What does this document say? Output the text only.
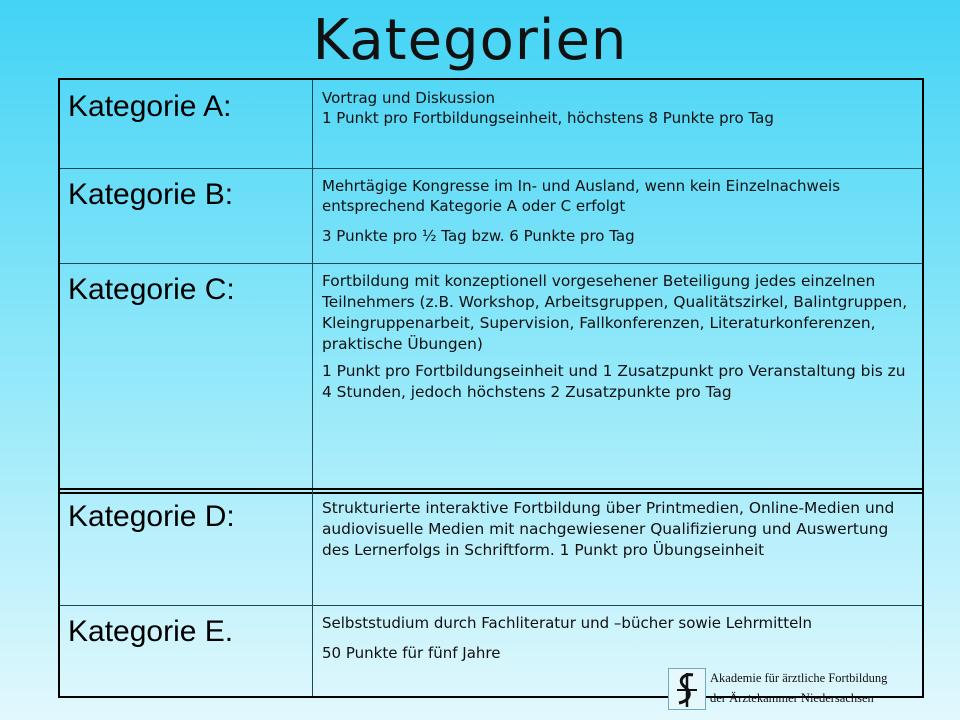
Kategorien
Kategorie A:	Vortrag und Diskussion

1 Punkt pro Fortbildungseinheit, höchstens 8 Punkte pro Tag

Kategorie B:	Mehrtägige Kongresse im In- und Ausland, wenn kein Einzelnachweis entsprechend Kategorie A oder C erfolgt

3 Punkte pro ½ Tag bzw. 6 Punkte pro Tag

Kategorie C:	Fortbildung mit konzeptionell vorgesehener Beteiligung jedes einzelnen Teilnehmers (z.B. Workshop, Arbeitsgruppen, Qualitätszirkel, Balintgruppen, Kleingruppenarbeit, Supervision, Fallkonferenzen, Literaturkonferenzen, praktische Übungen)

1 Punkt pro Fortbildungseinheit und 1 Zusatzpunkt pro Veranstaltung bis zu 4 Stunden, jedoch höchstens 2 Zusatzpunkte pro Tag

Kategorie D:	Strukturierte interaktive Fortbildung über Printmedien, Online-Medien und audiovisuelle Medien mit nachgewiesener Qualifizierung und Auswertung des Lernerfolgs in Schriftform. 1 Punkt pro Übungseinheit

Kategorie E.	Selbststudium durch Fachliteratur und –bücher sowie Lehrmitteln

50 Punkte für fünf Jahre

Akademie für ärztliche Fortbildung
der Ärztekammer Niedersachsen
